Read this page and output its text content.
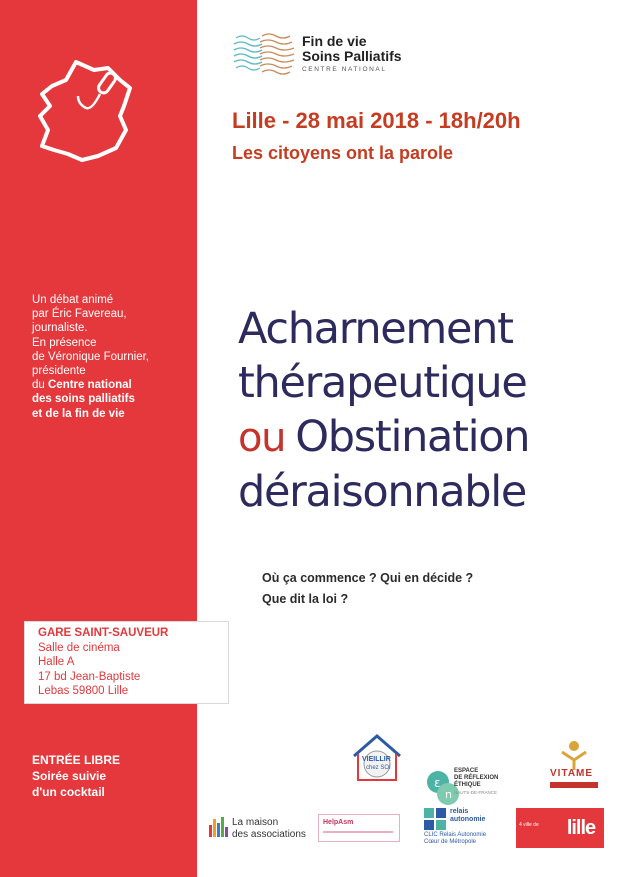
Un débat animé
par Éric Favereau,
journaliste.
En présence
de Véronique Fournier,
présidente
du Centre national
des soins palliatifs
et de la fin de vie
ENTRÉE LIBRE
Soirée suivie
d'un cocktail
GARE SAINT-SAUVEUR
Salle de cinéma
Halle A
17 bd Jean-Baptiste
Lebas 59800 Lille
Fin de vie
Soins Palliatifs
CENTRE NATIONAL
Lille - 28 mai 2018 - 18h/20h
Les citoyens ont la parole
Acharnement
thérapeutique
ou Obstination
déraisonnable
Où ça commence ? Qui en décide ?
Que dit la loi ?
VIEILLIR
chez SOI
ε
n
ESPACE
DE RÉFLEXION
ÉTHIQUE
HAUTS-DE-FRANCE
VITAME
La maison
des associations
HelpAsm
relais
autonomie
CLIC Relais Autonomie
Cœur de Métropole
4 ville de	lille
